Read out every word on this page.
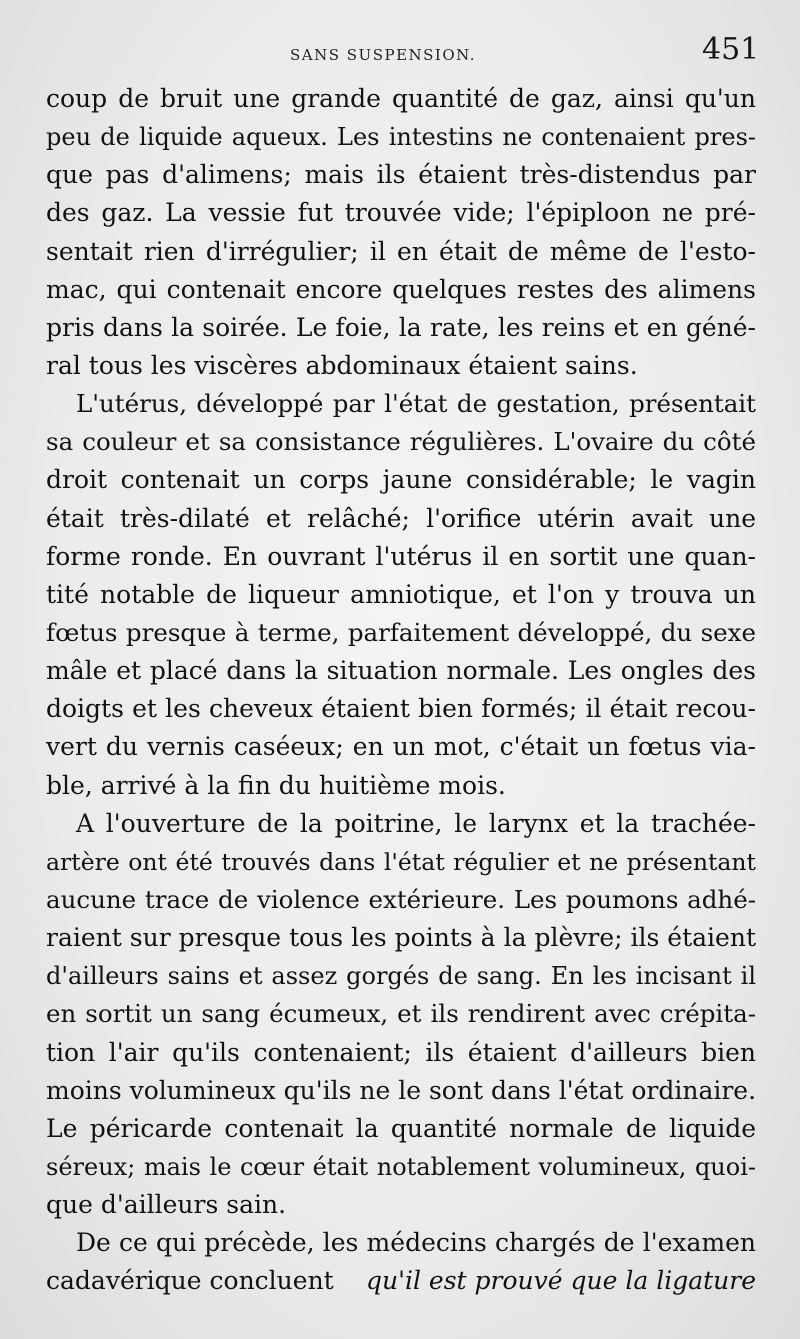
SANS SUSPENSION.	451
coup de bruit une grande quantité de gaz, ainsi qu'un
peu de liquide aqueux. Les intestins ne contenaient pres-
que pas d'alimens; mais ils étaient très-distendus par
des gaz. La vessie fut trouvée vide; l'épiploon ne pré-
sentait rien d'irrégulier; il en était de même de l'esto-
mac, qui contenait encore quelques restes des alimens
pris dans la soirée. Le foie, la rate, les reins et en géné-
ral tous les viscères abdominaux étaient sains.
L'utérus, développé par l'état de gestation, présentait
sa couleur et sa consistance régulières. L'ovaire du côté
droit contenait un corps jaune considérable; le vagin
était très-dilaté et relâché; l'orifice utérin avait une
forme ronde. En ouvrant l'utérus il en sortit une quan-
tité notable de liqueur amniotique, et l'on y trouva un
fœtus presque à terme, parfaitement développé, du sexe
mâle et placé dans la situation normale. Les ongles des
doigts et les cheveux étaient bien formés; il était recou-
vert du vernis caséeux; en un mot, c'était un fœtus via-
ble, arrivé à la fin du huitième mois.
A l'ouverture de la poitrine, le larynx et la trachée-
artère ont été trouvés dans l'état régulier et ne présentant
aucune trace de violence extérieure. Les poumons adhé-
raient sur presque tous les points à la plèvre; ils étaient
d'ailleurs sains et assez gorgés de sang. En les incisant il
en sortit un sang écumeux, et ils rendirent avec crépita-
tion l'air qu'ils contenaient; ils étaient d'ailleurs bien
moins volumineux qu'ils ne le sont dans l'état ordinaire.
Le péricarde contenait la quantité normale de liquide
séreux; mais le cœur était notablement volumineux, quoi-
que d'ailleurs sain.
De ce qui précède, les médecins chargés de l'examen
cadavérique concluent qu'il est prouvé que la ligature
